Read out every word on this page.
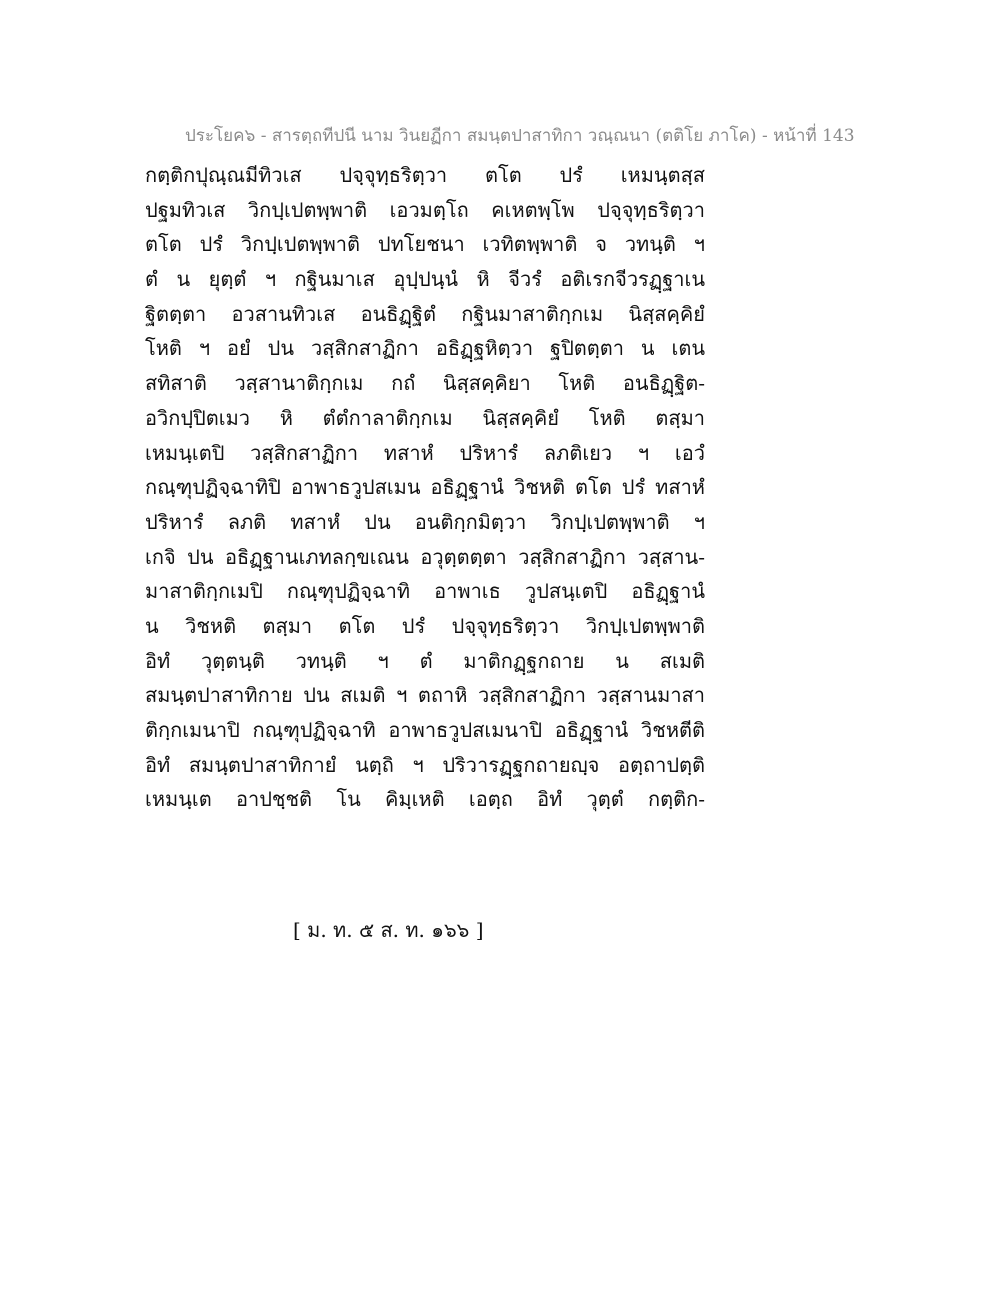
ประโยค๖ - สารตฺถทีปนี นาม วินยฏีกา สมนฺตปาสาทิกา วณฺณนา (ตติโย ภาโค) - หน้าที่ 143
กตฺติกปุณฺณมีทิวเส ปจฺจุทฺธริตฺวา ตโต ปรํ เหมนฺตสฺส
ปฐมทิวเส วิกปฺเปตพฺพาติ เอวมตฺโถ คเหตพฺโพ ปจฺจุทฺธริตฺวา
ตโต ปรํ วิกปฺเปตพฺพาติ ปทโยชนา เวทิตพฺพาติ จ วทนฺติ ฯ
ตํ น ยุตฺตํ ฯ กฐินมาเส อุปฺปนฺนํ หิ จีวรํ อติเรกจีวรฏฺฐาเน
ฐิตตฺตา อวสานทิวเส อนธิฏฺฐิตํ กฐินมาสาติกฺกเม นิสฺสคฺคิยํ
โหติ ฯ อยํ ปน วสฺสิกสาฏิกา อธิฏฺฐหิตฺวา ฐปิตตฺตา น เตน
สทิสาติ วสฺสานาติกฺกเม กถํ นิสฺสคฺคิยา โหติ อนธิฏฺฐิต-
อวิกปฺปิตเมว หิ ตํตํกาลาติกฺกเม นิสฺสคฺคิยํ โหติ ตสฺมา
เหมนฺเตปิ วสฺสิกสาฏิกา ทสาหํ ปริหารํ ลภติเยว ฯ เอวํ
กณฺฑุปฏิจฺฉาทิปิ อาพาธวูปสเมน อธิฏฺฐานํ วิชหติ ตโต ปรํ ทสาหํ
ปริหารํ ลภติ ทสาหํ ปน อนติกฺกมิตฺวา วิกปฺเปตพฺพาติ ฯ
เกจิ ปน อธิฏฺฐานเภทลกฺขเณน อวุตฺตตฺตา วสฺสิกสาฏิกา วสฺสาน-
มาสาติกฺกเมปิ กณฺฑุปฏิจฺฉาทิ อาพาเธ วูปสนฺเตปิ อธิฏฺฐานํ
น วิชหติ ตสฺมา ตโต ปรํ ปจฺจุทฺธริตฺวา วิกปฺเปตพฺพาติ
อิทํ วุตฺตนฺติ วทนฺติ ฯ ตํ มาติกฏฺฐกถาย น สเมติ
สมนฺตปาสาทิกาย ปน สเมติ ฯ ตถาหิ วสฺสิกสาฏิกา วสฺสานมาสา
ติกฺกเมนาปิ กณฺฑุปฏิจฺฉาทิ อาพาธวูปสเมนาปิ อธิฏฺฐานํ วิชหตีติ
อิทํ สมนฺตปาสาทิกายํ นตฺถิ ฯ ปริวารฏฺฐกถายญฺจ อตฺถาปตฺติ
เหมนฺเต อาปชฺชติ โน คิมฺเหติ เอตฺถ อิทํ วุตฺตํ กตฺติก-
[ ม. ท. ๕ ส. ท. ๑๖๖ ]
